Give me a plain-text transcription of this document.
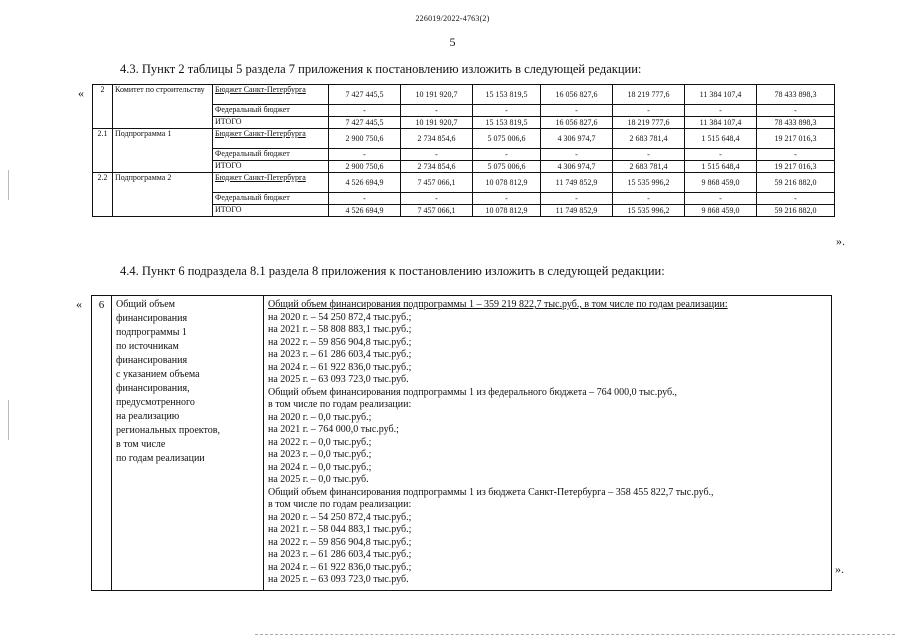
226019/2022-4763(2)
5
4.3. Пункт 2 таблицы 5 раздела 7 приложения к постановлению изложить в следующей редакции:
«
».
2	Комитет по строительству	Бюджет Санкт-Петербурга	7 427 445,5	10 191 920,7	15 153 819,5	16 056 827,6	18 219 777,6	11 384 107,4	78 433 898,3
		Федеральный бюджет	-	-	-	-	-	-	-
		ИТОГО	7 427 445,5	10 191 920,7	15 153 819,5	16 056 827,6	18 219 777,6	11 384 107,4	78 433 898,3
2.1	Подпрограмма 1	Бюджет Санкт-Петербурга	2 900 750,6	2 734 854,6	5 075 006,6	4 306 974,7	2 683 781,4	1 515 648,4	19 217 016,3
		Федеральный бюджет	-	-	-	-	-	-	-
		ИТОГО	2 900 750,6	2 734 854,6	5 075 006,6	4 306 974,7	2 683 781,4	1 515 648,4	19 217 016,3
2.2	Подпрограмма 2	Бюджет Санкт-Петербурга	4 526 694,9	7 457 066,1	10 078 812,9	11 749 852,9	15 535 996,2	9 868 459,0	59 216 882,0
		Федеральный бюджет	-	-	-	-	-	-	-
		ИТОГО	4 526 694,9	7 457 066,1	10 078 812,9	11 749 852,9	15 535 996,2	9 868 459,0	59 216 882,0
4.4. Пункт 6 подраздела 8.1 раздела 8 приложения к постановлению изложить в следующей редакции:
«
».
6	Общий объем
финансирования
подпрограммы 1
по источникам
финансирования
с указанием объема
финансирования,
предусмотренного
на реализацию
региональных проектов,
в том числе
по годам реализации

Общий объем финансирования подпрограммы 1 – 359 219 822,7 тыс.руб., в том числе по годам реализации:
на 2020 г. – 54 250 872,4 тыс.руб.;
на 2021 г. – 58 808 883,1 тыс.руб.;
на 2022 г. – 59 856 904,8 тыс.руб.;
на 2023 г. – 61 286 603,4 тыс.руб.;
на 2024 г. – 61 922 836,0 тыс.руб.;
на 2025 г. – 63 093 723,0 тыс.руб.
Общий объем финансирования подпрограммы 1 из федерального бюджета – 764 000,0 тыс.руб.,
в том числе по годам реализации:
на 2020 г. – 0,0 тыс.руб.;
на 2021 г. – 764 000,0 тыс.руб.;
на 2022 г. – 0,0 тыс.руб.;
на 2023 г. – 0,0 тыс.руб.;
на 2024 г. – 0,0 тыс.руб.;
на 2025 г. – 0,0 тыс.руб.
Общий объем финансирования подпрограммы 1 из бюджета Санкт-Петербурга – 358 455 822,7 тыс.руб.,
в том числе по годам реализации:
на 2020 г. – 54 250 872,4 тыс.руб.;
на 2021 г. – 58 044 883,1 тыс.руб.;
на 2022 г. – 59 856 904,8 тыс.руб.;
на 2023 г. – 61 286 603,4 тыс.руб.;
на 2024 г. – 61 922 836,0 тыс.руб.;
на 2025 г. – 63 093 723,0 тыс.руб.
